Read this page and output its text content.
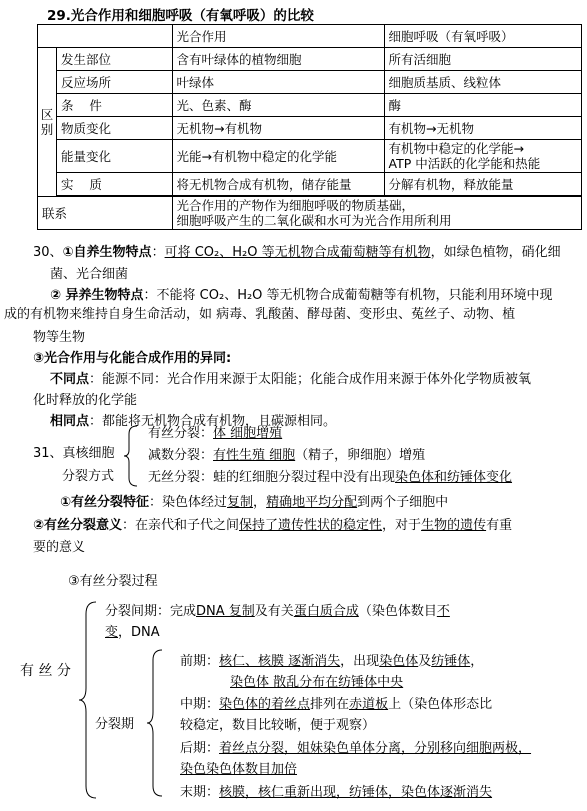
29.光合作用和细胞呼吸（有氧呼吸）的比较
		光合作用	细胞呼吸（有氧呼吸）

区别	发生部位	含有叶绿体的植物细胞	所有活细胞
	反应场所	叶绿体	细胞质基质、线粒体
	条    件	光、色素、酶	酶
	物质变化	无机物→有机物	有机物→无机物
	能量变化	光能→有机物中稳定的化学能	有机物中稳定的化学能→
ATP 中活跃的化学能和热能

	实    质	将无机物合成有机物，储存能量	分解有机物，释放能量

联系		光合作用的产物作为细胞呼吸的物质基础，
细胞呼吸产生的二氧化碳和水可为光合作用所利用	
30、①自养生物特点：可将 CO₂、H₂O 等无机物合成葡萄糖等有机物，如绿色植物，硝化细
菌、光合细菌
② 异养生物特点：不能将 CO₂、H₂O 等无机物合成葡萄糖等有机物，只能利用环境中现
成的有机物来维持自身生命活动，如 病毒、乳酸菌、酵母菌、变形虫、菟丝子、动物、植
物等生物
③光合作用与化能合成作用的异同:
不同点：能源不同：光合作用来源于太阳能；化能合成作用来源于体外化学物质被氧
化时释放的化学能
相同点：都能将无机物合成有机物，且碳源相同。
31、真核细胞
分裂方式
有丝分裂：体 细胞增殖
减数分裂：有性生殖 细胞（精子，卵细胞）增殖
无丝分裂：蛙的红细胞分裂过程中没有出现染色体和纺锤体变化
①有丝分裂特征：染色体经过复制，精确地平均分配到两个子细胞中
②有丝分裂意义：在亲代和子代之间保持了遗传性状的稳定性，对于生物的遗传有重
要的意义
③有丝分裂过程
有 丝 分
分裂间期：完成DNA 复制及有关蛋白质合成（染色体数目不
变，DNA
分裂期
前期：核仁、核膜 逐渐消失，出现染色体及纺锤体，
染色体 散乱分布在纺锤体中央
中期：染色体的着丝点排列在赤道板上（染色体形态比
较稳定，数目比较晰，便于观察）
后期：着丝点分裂，姐妹染色单体分离，分别移向细胞两极，
染色染色体数目加倍
末期：核膜，核仁重新出现，纺锤体，染色体逐渐消失
